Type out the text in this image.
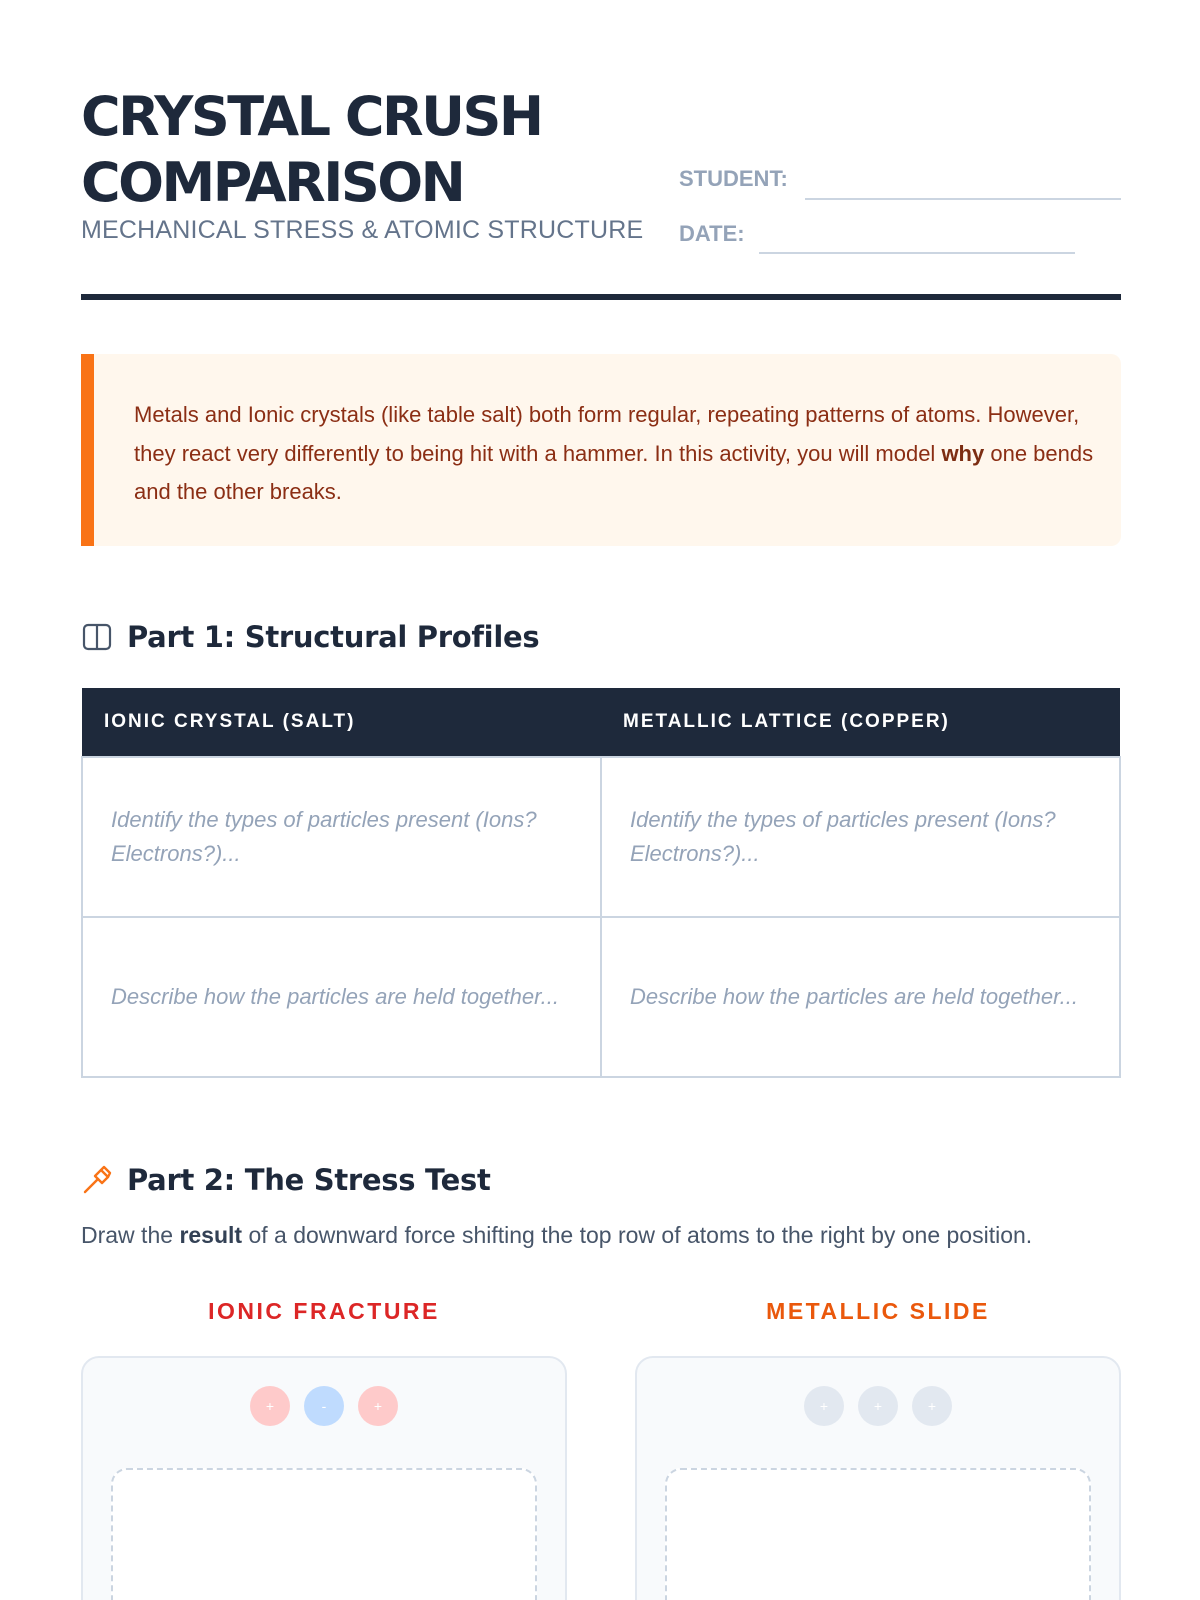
CRYSTAL CRUSH
COMPARISON
MECHANICAL STRESS & ATOMIC STRUCTURE
STUDENT:
DATE:

Metals and Ionic crystals (like table salt) both form regular, repeating patterns of atoms. However, they react very differently to being hit with a hammer. In this activity, you will model why one bends and the other breaks.

Part 1: Structural Profiles
IONIC CRYSTAL (SALT)	METALLIC LATTICE (COPPER)
Identify the types of particles present (Ions? Electrons?)...	Identify the types of particles present (Ions? Electrons?)...
Describe how the particles are held together...	Describe how the particles are held together...
Part 2: The Stress Test
Draw the result of a downward force shifting the top row of atoms to the right by one position.
IONIC FRACTURE
+	-	+
METALLIC SLIDE
+	+	+
